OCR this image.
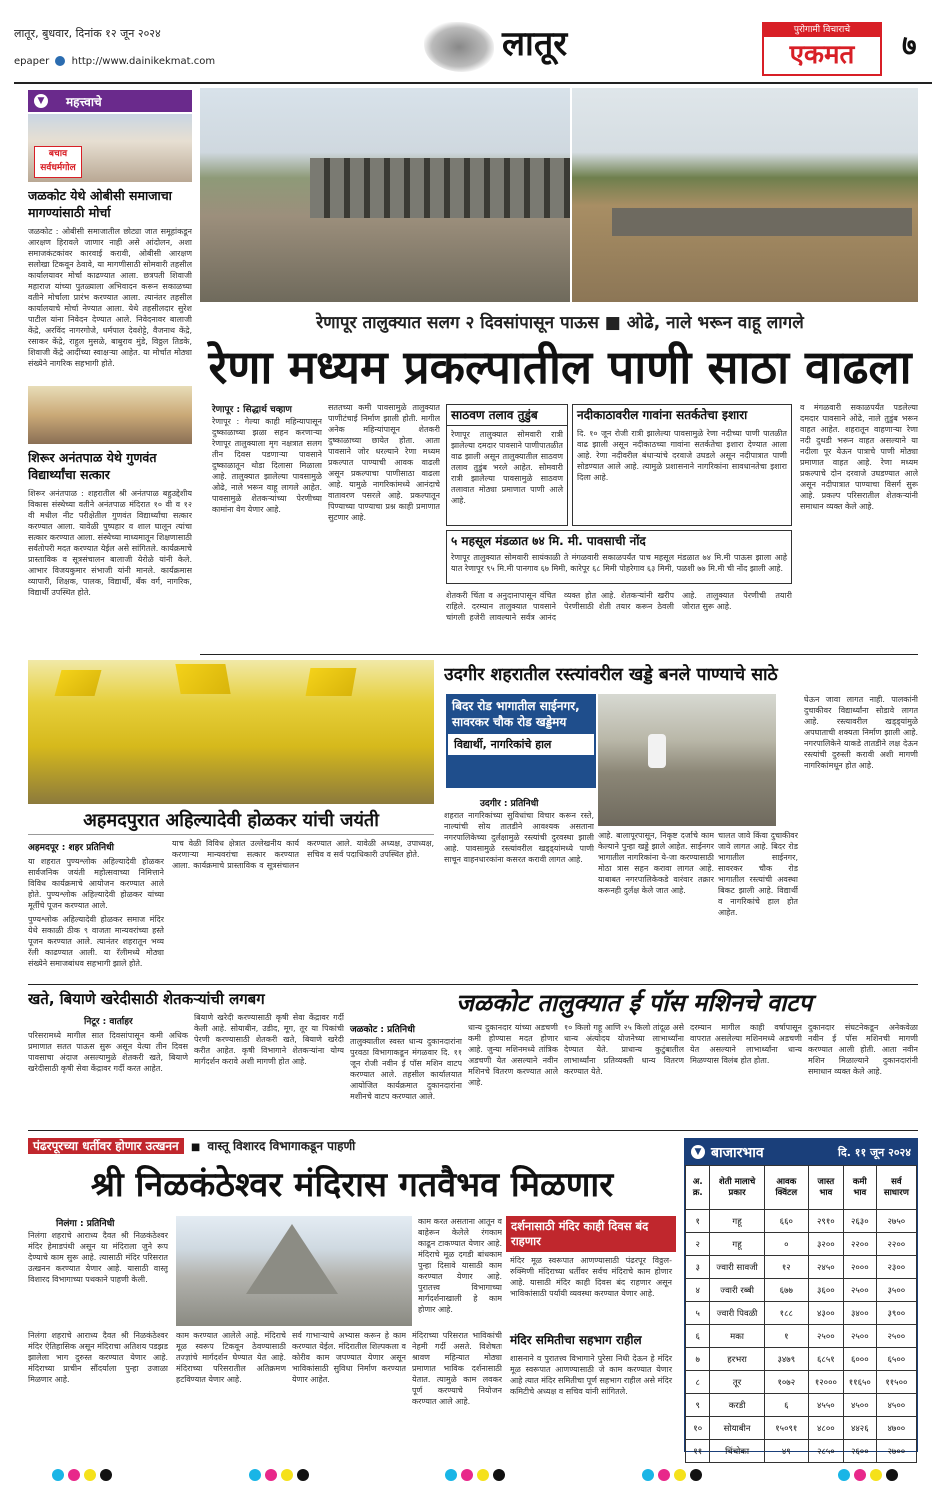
लातूर, बुधवार, दिनांक १२ जून २०२४
epaper http://www.dainikekmat.com	लातूर	पुरोगामी विचाराचे
एकमत	७
▼ महत्त्वाचे
बचाव सर्वधर्मगोल
जळकोट येथे ओबीसी समाजाचा मागण्यांसाठी मोर्चा
जळकोट : ओबीसी समाजातील छोट्या जात समूहांकडून आरक्षण हिरावले जाणार नाही असे आंदोलन, अशा समाजकंटकांवर कारवाई करावी, ओबीसी आरक्षण सलोखा टिकवून ठेवावे, या मागणीसाठी सोमवारी तहसील कार्यालयावर मोर्चा काढण्यात आला. छत्रपती शिवाजी महाराज यांच्या पुतळ्याला अभिवादन करून सकाळच्या वतीने मोर्चाला प्रारंभ करण्यात आला. त्यानंतर तहसील कार्यालयाचे मोर्चा नेण्यात आला. येथे तहसीलदार सुरेश पाटील यांना निवेदन देण्यात आले. निवेदनावर बालाजी केंद्रे, अरविंद नागरगोजे, धर्मपाल देवशेट्टे, वैजनाथ केंद्रे, रसाकर केंद्रे, राहुल मुसळे, बाबुराव मुंडे, विठ्ठल तिडके, शिवाजी केंद्रे आदींच्या स्वाक्षऱ्या आहेत. या मोर्चात मोठ्या संख्येने नागरिक सहभागी होते.
शिरूर अनंतपाळ येथे गुणवंत विद्यार्थ्यांचा सत्कार
शिरूर अनंतपाळ : शहरातील श्री अनंतपाळ बहुउद्देशीय विकास संस्थेच्या वतीने अनंतपाळ मंदिरात १० वी व १२ वी मधील नीट परीक्षेतील गुणवंत विद्यार्थ्यांचा सत्कार करण्यात आला. यावेळी पुष्पहार व शाल घालून त्यांचा सत्कार करण्यात आला. संस्थेच्या माध्यमातून शिक्षणासाठी सर्वतोपरी मदत करण्यात येईल असे सांगितले. कार्यक्रमाचे प्रास्ताविक व सूत्रसंचालन बालाजी येरोळे यांनी केले. आभार विजयकुमार संभाजी यांनी मानले. कार्यक्रमास व्यापारी, शिक्षक, पालक, विद्यार्थी, बँक वर्ग, नागरिक, विद्यार्थी उपस्थित होते.
रेणापूर तालुक्यात सलग २ दिवसांपासून पाऊस ■ ओढे, नाले भरून वाहू लागले
रेणा मध्यम प्रकल्पातील पाणी साठा वाढला
रेणापूर : सिद्धार्थ चव्हाण
रेणापूर : गेल्या काही महिन्यापासून दुष्काळाच्या झळा सहन करणाऱ्या रेणापूर तालुक्याला मृग नक्षत्रात सलग तीन दिवस पडणाऱ्या पावसाने दुष्काळातून थोडा दिलासा मिळाला आहे. तालुक्यात झालेल्या पावसामुळे ओढे, नाले भरून वाहू लागले आहेत. पावसामुळे शेतकऱ्यांच्या पेरणीच्या कामांना वेग येणार आहे.
सततच्या कमी पावसामुळे तालुक्यात पाणीटंचाई निर्माण झाली होती. मागील अनेक महिन्यांपासून शेतकरी दुष्काळाच्या छायेत होता. आता पावसाने जोर धरल्याने रेणा मध्यम प्रकल्पात पाण्याची आवक वाढली असून प्रकल्पाचा पाणीसाठा वाढला आहे. यामुळे नागरिकांमध्ये आनंदाचे वातावरण पसरले आहे. प्रकल्पातून पिण्याच्या पाण्याचा प्रश्न काही प्रमाणात सुटणार आहे.
साठवण तलाव तुडुंब
रेणापूर तालुक्यात सोमवारी रात्री झालेल्या दमदार पावसाने पाणीपातळीत वाढ झाली असून तालुक्यातील साठवण तलाव तुडुंब भरले आहेत. सोमवारी रात्री झालेल्या पावसामुळे साठवण तलावात मोठ्या प्रमाणात पाणी आले आहे.
नदीकाठावरील गावांना सतर्कतेचा इशारा
दि. १० जून रोजी रात्री झालेल्या पावसामुळे रेणा नदीच्या पाणी पातळीत वाढ झाली असून नदीकाठच्या गावांना सतर्कतेचा इशारा देण्यात आला आहे. रेणा नदीवरील बंधाऱ्यांचे दरवाजे उघडले असून नदीपात्रात पाणी सोडण्यात आले आहे. त्यामुळे प्रशासनाने नागरिकांना सावधानतेचा इशारा दिला आहे.
५ महसूल मंडळात ७४ मि. मी. पावसाची नोंद
रेणापूर तालुक्यात सोमवारी सायंकाळी ते मंगळवारी सकाळपर्यंत पाच महसूल मंडळात ७४ मि.मी पाऊस झाला आहे यात रेणापूर ९५ मि.मी पानगाव ६७ मिमी, कारेपूर ६८ मिमी पोहरेगाव ६३ मिमी, पळशी ७७ मि.मी ची नोंद झाली आहे.
शेतकरी चिंता व अनुदानापासून वंचित राहिले. दरम्यान तालुक्यात पावसाने चांगली हजेरी लावल्याने सर्वत्र आनंद व्यक्त होत आहे. शेतकऱ्यांनी खरीप पेरणीसाठी शेती तयार करून ठेवली आहे. तालुक्यात पेरणीची तयारी जोरात सुरू आहे.
व मंगळवारी सकाळपर्यंत पडलेल्या दमदार पावसाने ओढे, नाले तुडुंब भरून वाहत आहेत. शहरातून वाहणाऱ्या रेणा नदी दुथडी भरून वाहत असल्याने या नदीला पूर येऊन पात्राचे पाणी मोठ्या प्रमाणात वाहत आहे. रेणा मध्यम प्रकल्पाचे दोन दरवाजे उघडण्यात आले असून नदीपात्रात पाण्याचा विसर्ग सुरू आहे. प्रकल्प परिसरातील शेतकऱ्यांनी समाधान व्यक्त केले आहे.
अहमदपुरात अहिल्यादेवी होळकर यांची जयंती
अहमदपूर : शहर प्रतिनिधी
या शहरात पुण्यश्लोक अहिल्यादेवी होळकर सार्वजनिक जयंती महोत्सवाच्या निमित्ताने विविध कार्यक्रमाचे आयोजन करण्यात आले होते. पुण्यश्लोक अहिल्यादेवी होळकर यांच्या मूर्तीचे पूजन करण्यात आले.
पुण्यश्लोक अहिल्यादेवी होळकर समाज मंदिर येथे सकाळी ठीक ९ वाजता मान्यवरांच्या हस्ते पूजन करण्यात आले. त्यानंतर शहरातून भव्य रॅली काढण्यात आली. या रॅलीमध्ये मोठ्या संख्येने समाजबांधव सहभागी झाले होते.
याच वेळी विविध क्षेत्रात उल्लेखनीय कार्य करणाऱ्या मान्यवरांचा सत्कार करण्यात आला. कार्यक्रमाचे प्रास्ताविक व सूत्रसंचालन करण्यात आले. यावेळी अध्यक्ष, उपाध्यक्ष, सचिव व सर्व पदाधिकारी उपस्थित होते.
उदगीर शहरातील रस्त्यांवरील खड्डे बनले पाण्याचे साठे
बिदर रोड भागातील साईनगर, सावरकर चौक रोड खड्डेमय
विद्यार्थी, नागरिकांचे हाल
उदगीर : प्रतिनिधी
शहरात नागरिकांच्या सुविधांचा विचार करून रस्ते, नाल्यांची सोय तातडीने आवश्यक असताना नगरपालिकेच्या दुर्लक्षामुळे रस्त्यांची दुरवस्था झाली आहे. पावसामुळे रस्त्यांवरील खड्ड्यांमध्ये पाणी साचून वाहनधारकांना कसरत करावी लागत आहे.
आहे. बालापूरपासून, निकृष्ट दर्जाचे काम केल्याने पुन्हा खड्डे झाले आहेत. साईनगर भागातील नागरिकांना ये-जा करण्यासाठी मोठा त्रास सहन करावा लागत आहे. याबाबत नगरपालिकेकडे वारंवार तक्रार करूनही दुर्लक्ष केले जात आहे.
चालत जावे किंवा दुचाकीवर जावे लागत आहे. बिदर रोड भागातील साईनगर, सावरकर चौक रोड भागातील रस्त्यांची अवस्था बिकट झाली आहे. विद्यार्थी व नागरिकांचे हाल होत आहेत.
घेऊन जावा लागत नाही. पालकांनी दुचाकीवर विद्यार्थ्यांना सोडावे लागत आहे. रस्त्यावरील खड्ड्यांमुळे अपघाताची शक्यता निर्माण झाली आहे. नगरपालिकेने याकडे तातडीने लक्ष देऊन रस्त्यांची दुरुस्ती करावी अशी मागणी नागरिकांमधून होत आहे.
खते, बियाणे खरेदीसाठी शेतकऱ्यांची लगबग
निटूर : वार्ताहर
परिसरामध्ये मागील सात दिवसांपासून कमी अधिक प्रमाणात सतत पाऊस सुरू असून येत्या तीन दिवस पावसाचा अंदाज असल्यामुळे शेतकरी खते, बियाणे खरेदीसाठी कृषी सेवा केंद्रावर गर्दी करत आहेत.
बियाणे खरेदी करण्यासाठी कृषी सेवा केंद्रावर गर्दी केली आहे. सोयाबीन, उडीद, मूग, तूर या पिकांची पेरणी करण्यासाठी शेतकरी खते, बियाणे खरेदी करीत आहेत. कृषी विभागाने शेतकऱ्यांना योग्य मार्गदर्शन करावे अशी मागणी होत आहे.
जळकोट तालुक्यात ई पॉस मशिनचे वाटप
जळकोट : प्रतिनिधी
तालुक्यातील स्वस्त धान्य दुकानदारांना पुरवठा विभागाकडून मंगळवार दि. ११ जून रोजी नवीन ई पॉस मशिन वाटप करण्यात आले. तहसील कार्यालयात आयोजित कार्यक्रमात दुकानदारांना मशीनचे वाटप करण्यात आले.
धान्य दुकानदार यांच्या अडचणी कमी होण्यास मदत होणार आहे. जुन्या मशिनमध्ये तांत्रिक अडचणी येत असल्याने नवीन मशिनचे वितरण करण्यात आले आहे.
१० किलो गहू आणि २५ किलो तांदूळ असे धान्य अंत्योदय योजनेच्या लाभार्थ्यांना देण्यात येते. प्राधान्य कुटुंबातील लाभार्थ्यांना प्रतिव्यक्ती धान्य वितरण करण्यात येते.
दरम्यान मागील काही वर्षापासून वापरात असलेल्या मशिनमध्ये अडचणी येत असल्याने लाभार्थ्यांना धान्य मिळण्यास विलंब होत होता.
दुकानदार संघटनेकडून अनेकवेळा नवीन ई पॉस मशिनची मागणी करण्यात आली होती. आता नवीन मशिन मिळाल्याने दुकानदारांनी समाधान व्यक्त केले आहे.
पंढरपूरच्या धर्तीवर होणार उत्खनन ■ वास्तू विशारद विभागाकडून पाहणी
श्री निळकंठेश्वर मंदिरास गतवैभव मिळणार
निलंगा : प्रतिनिधी
निलंगा शहराचे आराध्य दैवत श्री निळकंठेश्वर मंदिर हेमाडपंथी असून या मंदिराला जुने रूप देण्याचे काम सुरू आहे. त्यासाठी मंदिर परिसरात उत्खनन करण्यात येणार आहे. यासाठी वास्तू विशारद विभागाच्या पथकाने पाहणी केली.
निलंगा शहराचे आराध्य दैवत श्री निळकंठेश्वर मंदिर ऐतिहासिक असून मंदिराचा अतिशय पडझड झालेला भाग दुरुस्त करण्यात येणार आहे. मंदिराच्या प्राचीन सौंदर्याला पुन्हा उजाळा मिळणार आहे.
काम करत असताना आतून व बाहेरून केलेले रंगकाम काढून टाकण्यात येणार आहे. मंदिराचे मूळ दगडी बांधकाम पुन्हा दिसावे यासाठी काम करण्यात येणार आहे. पुरातत्त्व विभागाच्या मार्गदर्शनाखाली हे काम होणार आहे.
काम करण्यात आलेले आहे. मंदिराचे मूळ स्वरूप टिकवून ठेवण्यासाठी तज्ज्ञांचे मार्गदर्शन घेण्यात येत आहे. मंदिराच्या परिसरातील अतिक्रमण हटविण्यात येणार आहे.
सर्व गाभाऱ्याचे अभ्यास करून हे काम करण्यात येईल. मंदिरातील शिल्पकला व कोरीव काम जपण्यात येणार असून भाविकांसाठी सुविधा निर्माण करण्यात येणार आहेत.
मंदिराच्या परिसरात भाविकांची नेहमी गर्दी असते. विशेषतः श्रावण महिन्यात मोठ्या प्रमाणात भाविक दर्शनासाठी येतात. त्यामुळे काम लवकर पूर्ण करण्याचे नियोजन करण्यात आले आहे.
दर्शनासाठी मंदिर काही दिवस बंद राहणार
मंदिर मूळ स्वरूपात आणण्यासाठी पंढरपूर विठ्ठल-रुक्मिणी मंदिराच्या धर्तीवर सर्वच मंदिराचे काम होणार आहे. यासाठी मंदिर काही दिवस बंद राहणार असून भाविकांसाठी पर्यायी व्यवस्था करण्यात येणार आहे.
मंदिर समितीचा सहभाग राहील
शासनाने व पुरातत्त्व विभागाने पुरेसा निधी देऊन हे मंदिर मूळ स्वरूपात आणण्यासाठी जे काम करण्यात येणार आहे त्यात मंदिर समितीचा पूर्ण सहभाग राहील असे मंदिर कमिटीचे अध्यक्ष व सचिव यांनी सांगितले.
▼ बाजारभाव	दि. ११ जून २०२४
अ. क्र.	शेती मालाचे प्रकार	आवक क्विंटल	जास्त भाव	कमी भाव	सर्व साधारण
१	गहू	६६०	२९१०	२६३०	२७५०
२	गहू	०	३२००	२२००	२२००
३	ज्वारी सावजी	१२	२४५०	२०००	२३००
४	ज्वारी रब्बी	६७७	३६००	२५००	३५००
५	ज्वारी पिवळी	१८८	४३००	३४००	३९००
६	मका	१	२५००	२५००	२५००
७	हरभरा	३४७९	६८५१	६०००	६५००
८	तूर	१०७२	१२०००	११६५०	११५००
९	करडी	६	४५५०	४५००	४५००
१०	सोयाबीन	१५०९१	४८००	४४२६	४७००
११	चिंचोका	४९	२८५०	२६००	२७००
